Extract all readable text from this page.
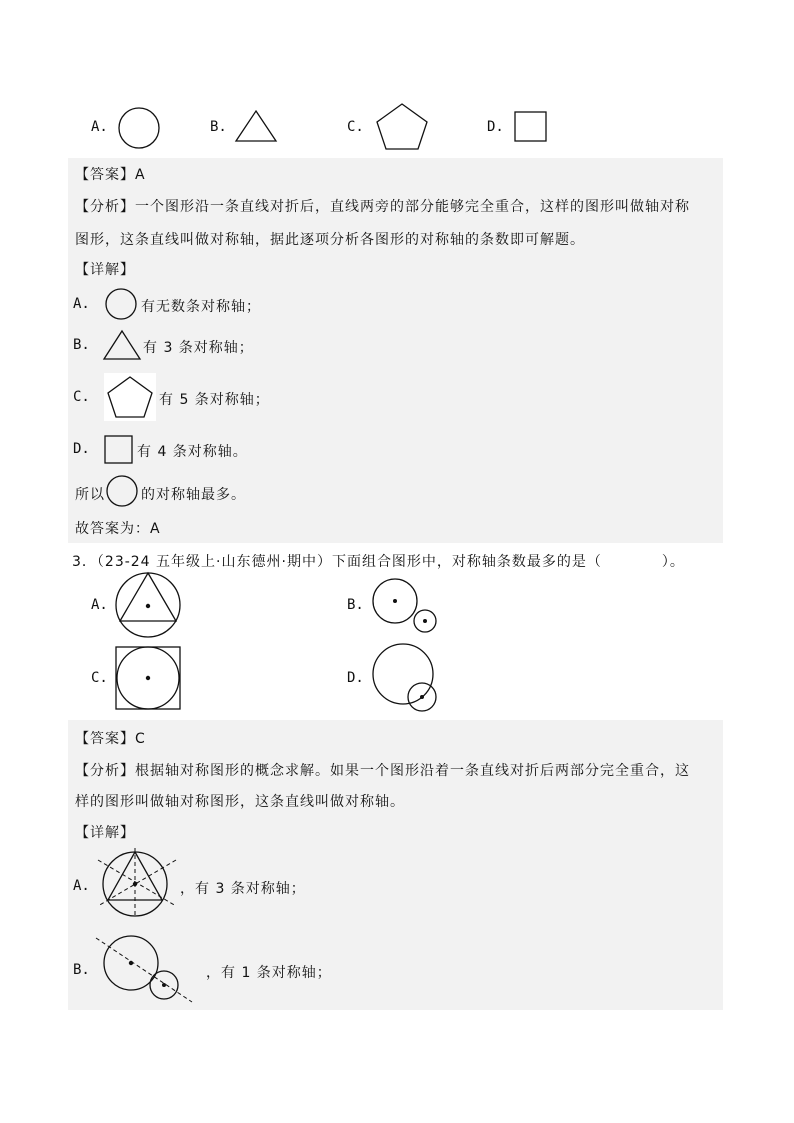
A.	B.	C.	D.
【答案】A
【分析】一个图形沿一条直线对折后，直线两旁的部分能够完全重合，这样的图形叫做轴对称
图形，这条直线叫做对称轴，据此逐项分析各图形的对称轴的条数即可解题。
【详解】
A.	有无数条对称轴；
B.	有 3 条对称轴；
C.	有 5 条对称轴；
D.	有 4 条对称轴。
所以	的对称轴最多。
故答案为：A
3．（23-24 五年级上·山东德州·期中）下面组合图形中，对称轴条数最多的是（　　　　）。
A.	B.
C.	D.
【答案】C
【分析】根据轴对称图形的概念求解。如果一个图形沿着一条直线对折后两部分完全重合，这
样的图形叫做轴对称图形，这条直线叫做对称轴。
【详解】
A.	，有 3 条对称轴；
B.	，有 1 条对称轴；
